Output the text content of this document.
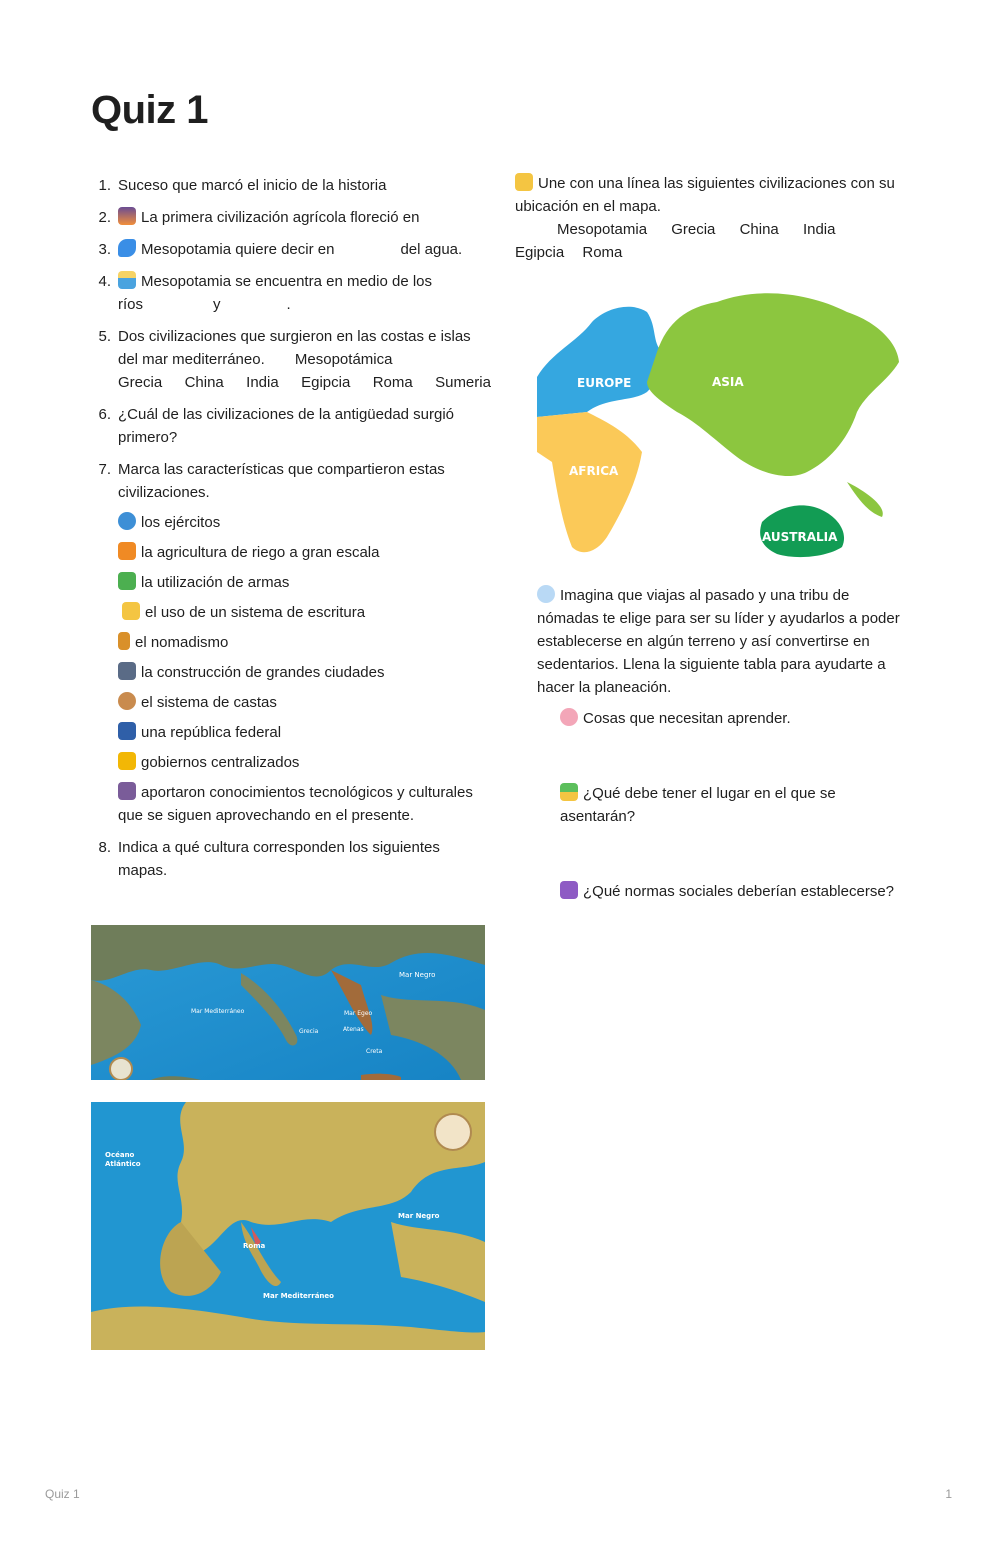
Quiz 1
1. Suceso que marcó el inicio de la historia
2. La primera civilización agrícola floreció en
3. Mesopotamia quiere decir en	del agua.
4. Mesopotamia se encuentra en medio de los
ríos	y	.
5. Dos civilizaciones que surgieron en las costas e islas del mar mediterráneo. Mesopotámica

Grecia China India Egipcia Roma Sumeria
6. ¿Cuál de las civilizaciones de la antigüedad surgió primero?
7. Marca las características que compartieron estas civilizaciones.
los ejércitos
la agricultura de riego a gran escala
la utilización de armas
el uso de un sistema de escritura
el nomadismo
la construcción de grandes ciudades
el sistema de castas
una república federal
gobiernos centralizados
aportaron conocimientos tecnológicos y culturales que se siguen aprovechando en el presente.
8. Indica a qué cultura corresponden los siguientes mapas.
Mar Negro
Mar Mediterráneo	Mar Egeo
Grecia	Atenas
Creta
Océano
Atlántico
Mar Negro
Roma
Mar Mediterráneo
Une con una línea las siguientes civilizaciones con su ubicación en el mapa.
Mesopotamia Grecia China India
Egipcia Roma
EUROPE	ASIA
AFRICA
AUSTRALIA
Imagina que viajas al pasado y una tribu de nómadas te elige para ser su líder y ayudarlos a poder establecerse en algún terreno y así convertirse en sedentarios. Llena la siguiente tabla para ayudarte a hacer la planeación.
Cosas que necesitan aprender.
¿Qué debe tener el lugar en el que se asentarán?
¿Qué normas sociales deberían establecerse?
Quiz 1	1
